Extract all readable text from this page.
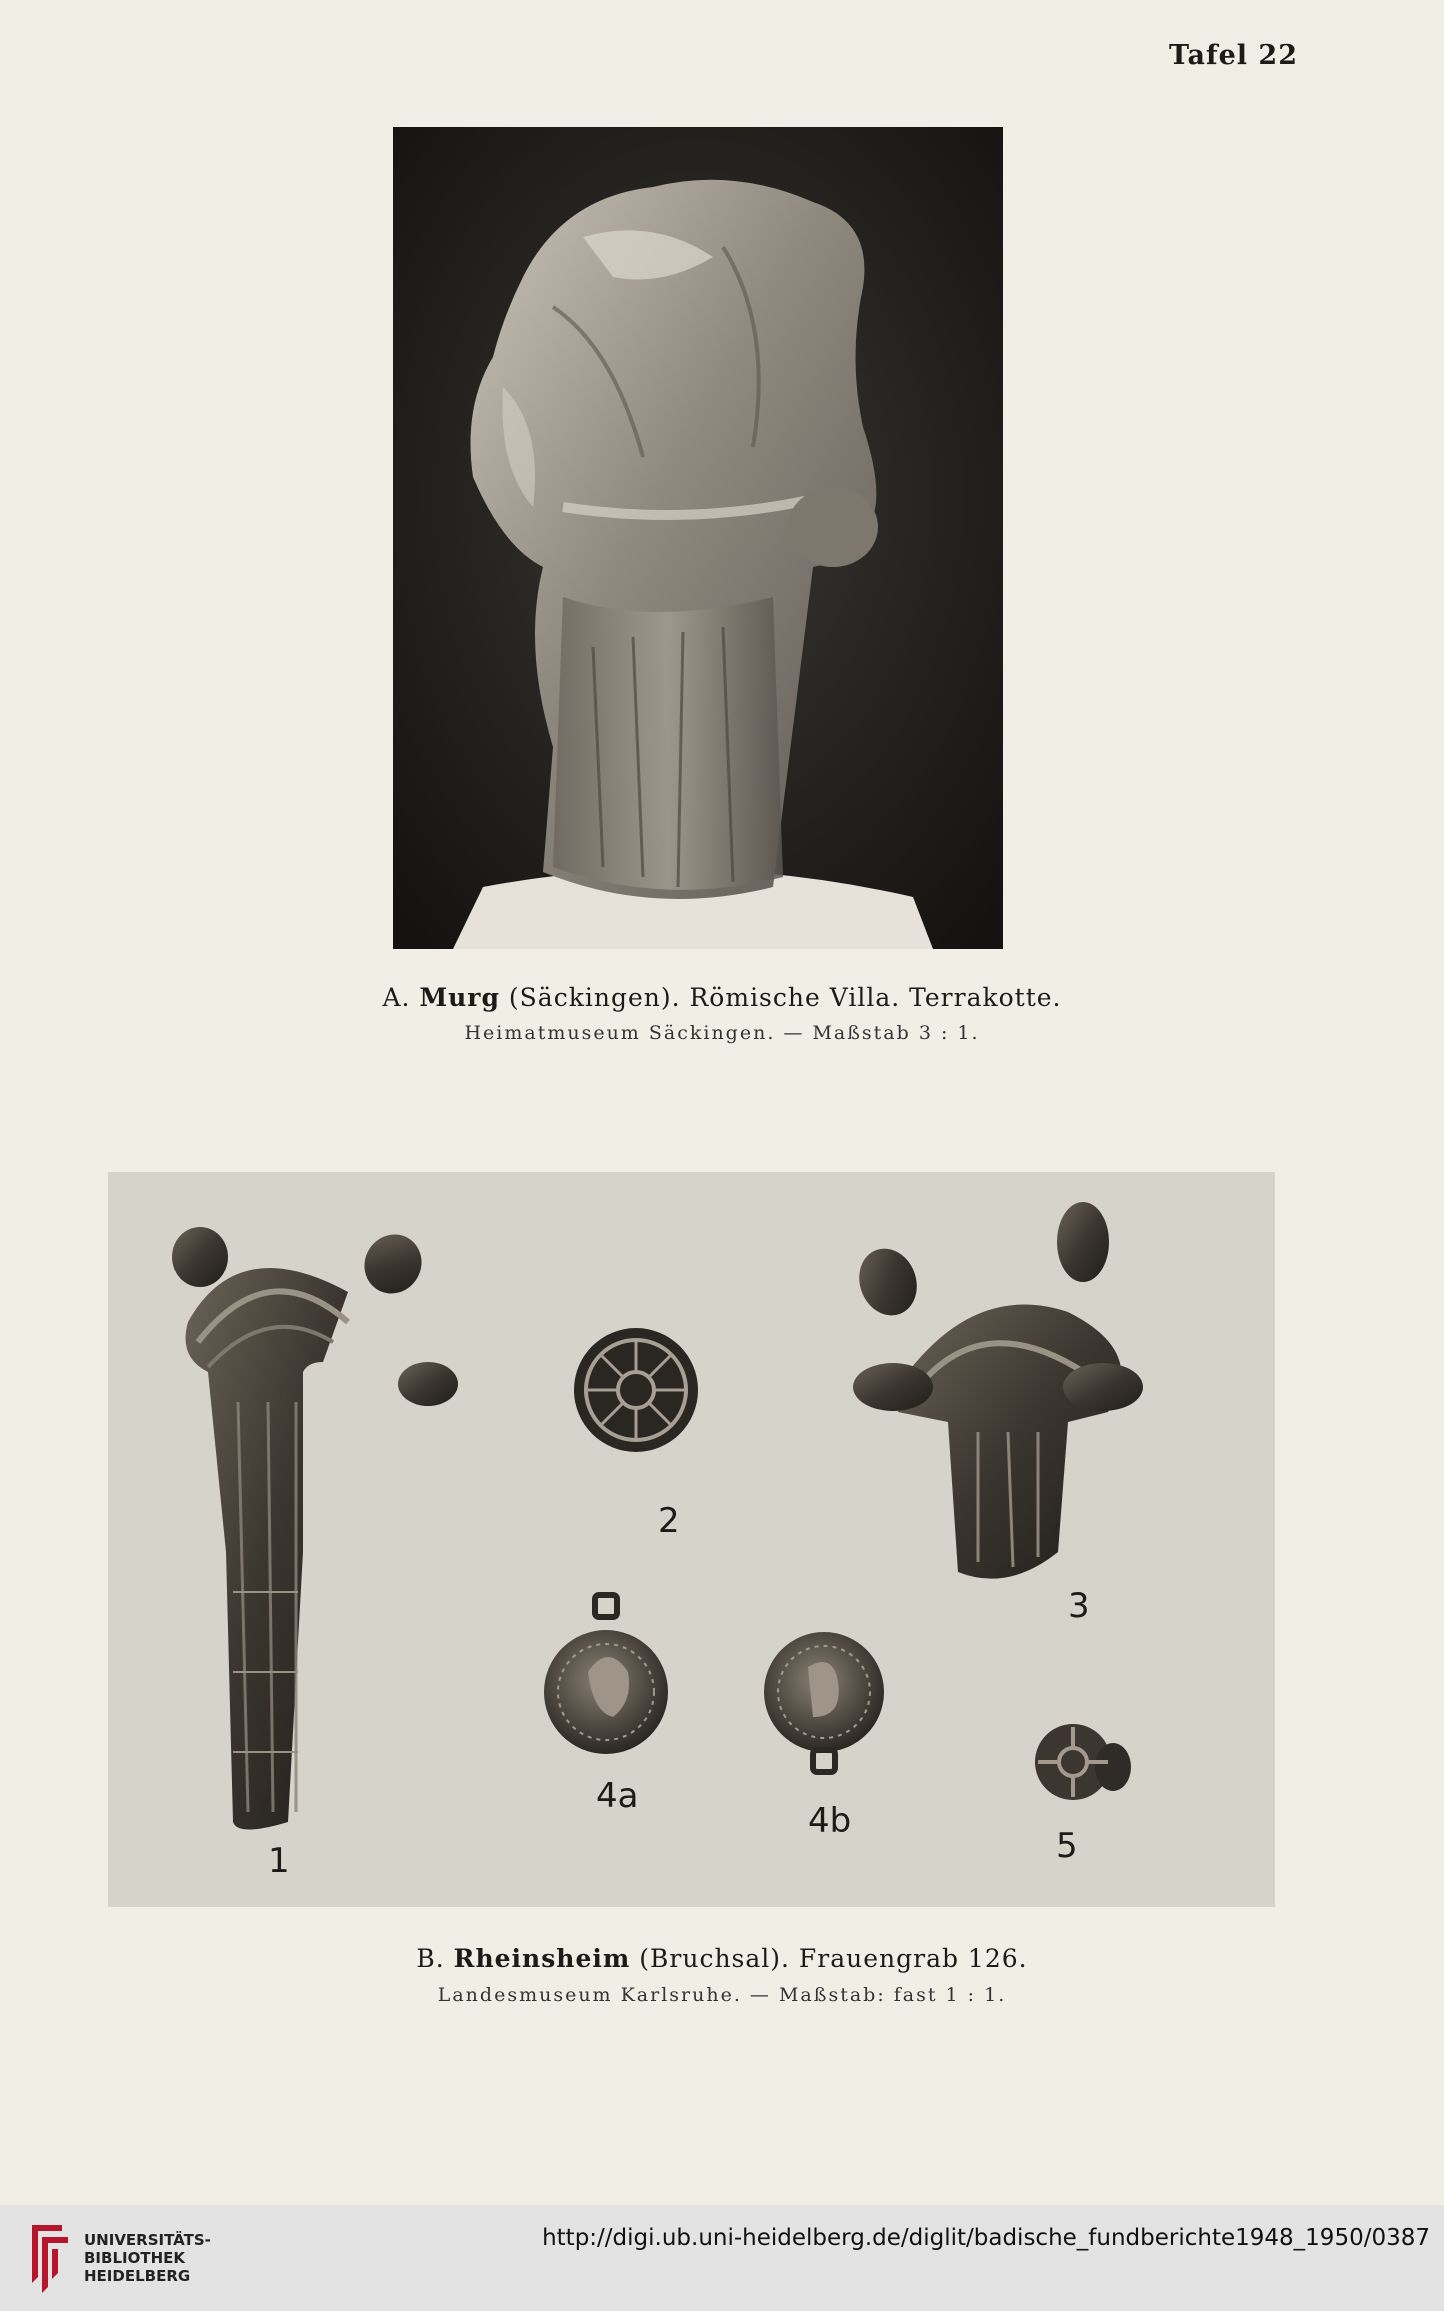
Tafel 22
A. Murg (Säckingen). Römische Villa. Terrakotte.
Heimatmuseum Säckingen. — Maßstab 3 : 1.
1
2
3
4a
4b
5
B. Rheinsheim (Bruchsal). Frauengrab 126.
Landesmuseum Karlsruhe. — Maßstab: fast 1 : 1.
UNIVERSITÄTS-
BIBLIOTHEK
HEIDELBERG
http://digi.ub.uni-heidelberg.de/diglit/badische_fundberichte1948_1950/0387
